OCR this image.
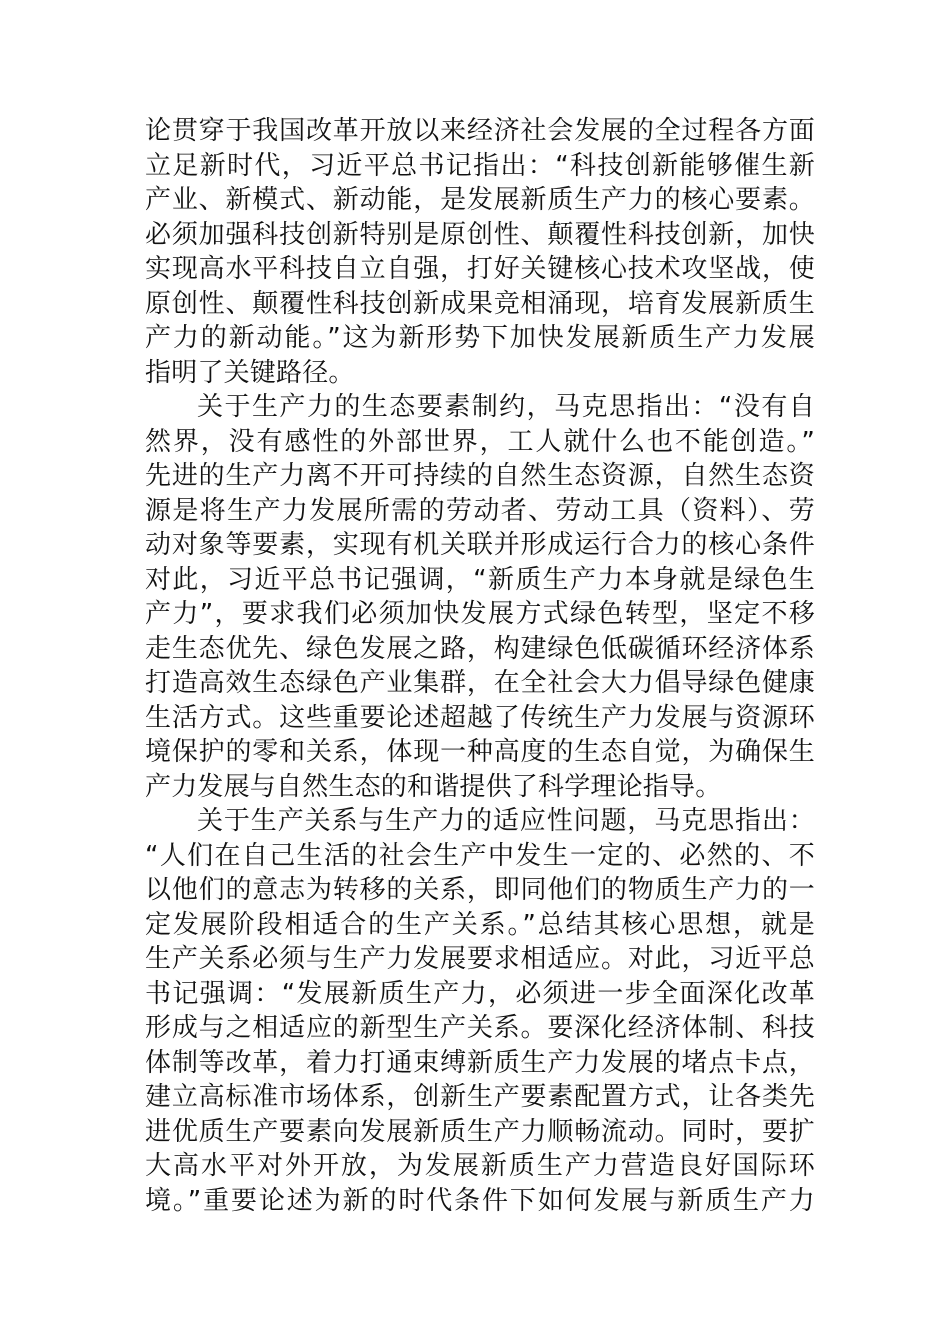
论贯穿于我国改革开放以来经济社会发展的全过程各方面
立足新时代，习近平总书记指出：“科技创新能够催生新
产业、新模式、新动能，是发展新质生产力的核心要素。
必须加强科技创新特别是原创性、颠覆性科技创新，加快
实现高水平科技自立自强，打好关键核心技术攻坚战，使
原创性、颠覆性科技创新成果竞相涌现，培育发展新质生
产力的新动能。”这为新形势下加快发展新质生产力发展
指明了关键路径。
关于生产力的生态要素制约，马克思指出：“没有自
然界，没有感性的外部世界，工人就什么也不能创造。”
先进的生产力离不开可持续的自然生态资源，自然生态资
源是将生产力发展所需的劳动者、劳动工具（资料）、劳
动对象等要素，实现有机关联并形成运行合力的核心条件
对此，习近平总书记强调，“新质生产力本身就是绿色生
产力”，要求我们必须加快发展方式绿色转型，坚定不移
走生态优先、绿色发展之路，构建绿色低碳循环经济体系
打造高效生态绿色产业集群，在全社会大力倡导绿色健康
生活方式。这些重要论述超越了传统生产力发展与资源环
境保护的零和关系，体现一种高度的生态自觉，为确保生
产力发展与自然生态的和谐提供了科学理论指导。
关于生产关系与生产力的适应性问题，马克思指出：
“人们在自己生活的社会生产中发生一定的、必然的、不
以他们的意志为转移的关系，即同他们的物质生产力的一
定发展阶段相适合的生产关系。”总结其核心思想，就是
生产关系必须与生产力发展要求相适应。对此，习近平总
书记强调：“发展新质生产力，必须进一步全面深化改革
形成与之相适应的新型生产关系。要深化经济体制、科技
体制等改革，着力打通束缚新质生产力发展的堵点卡点，
建立高标准市场体系，创新生产要素配置方式，让各类先
进优质生产要素向发展新质生产力顺畅流动。同时，要扩
大高水平对外开放，为发展新质生产力营造良好国际环
境。”重要论述为新的时代条件下如何发展与新质生产力
